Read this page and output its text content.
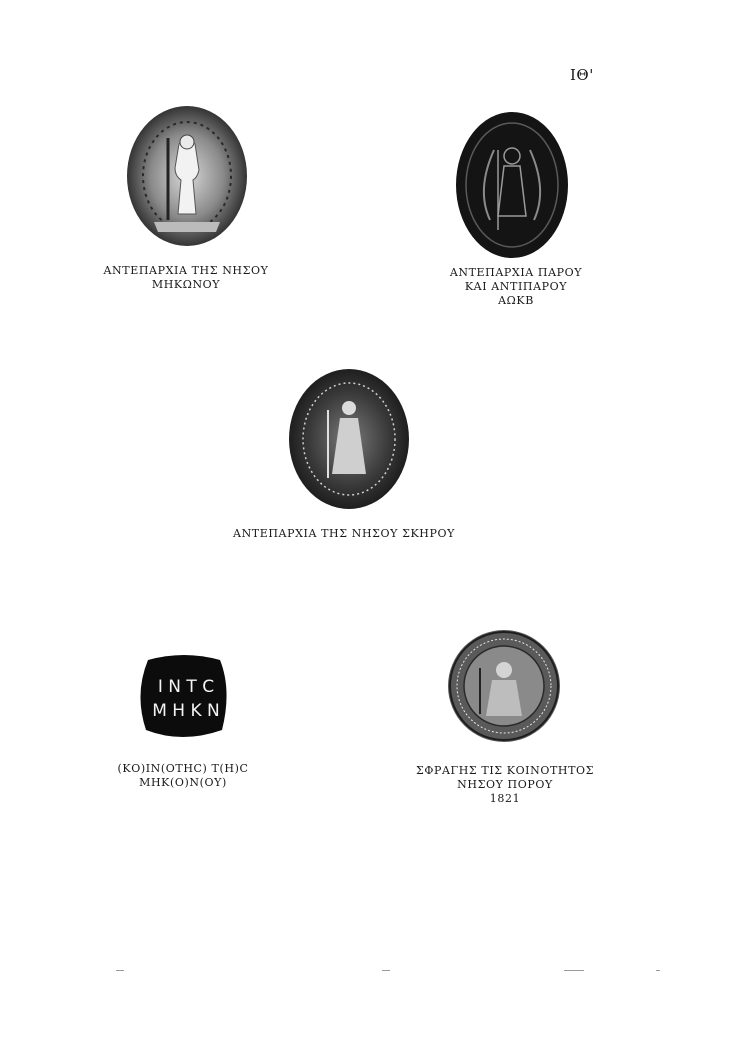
ΙΘ'
ΑΝΤΕΠΑΡΧΙΑ ΤΗΣ ΝΗΣΟΥ
ΜΗΚΩΝΟΥ
ΑΝΤΕΠΑΡΧΙΑ ΠΑΡΟΥ
ΚΑΙ ΑΝΤΙΠΑΡΟΥ
ΑΩΚΒ
ΑΝΤΕΠΑΡΧΙΑ ΤΗΣ ΝΗΣΟΥ ΣΚΗΡΟΥ
Ι Ν Τ Ϲ
Μ Η Κ Ν
(ΚΟ)ΙΝ(ΟΤΗϹ) Τ(Η)Ϲ
ΜΗΚ(Ο)Ν(ΟΥ)
ΣΦΡΑΓΗΣ ΤΙΣ ΚΟΙΝΟΤΗΤΟΣ
ΝΗΣΟΥ ΠΟΡΟΥ
1821
